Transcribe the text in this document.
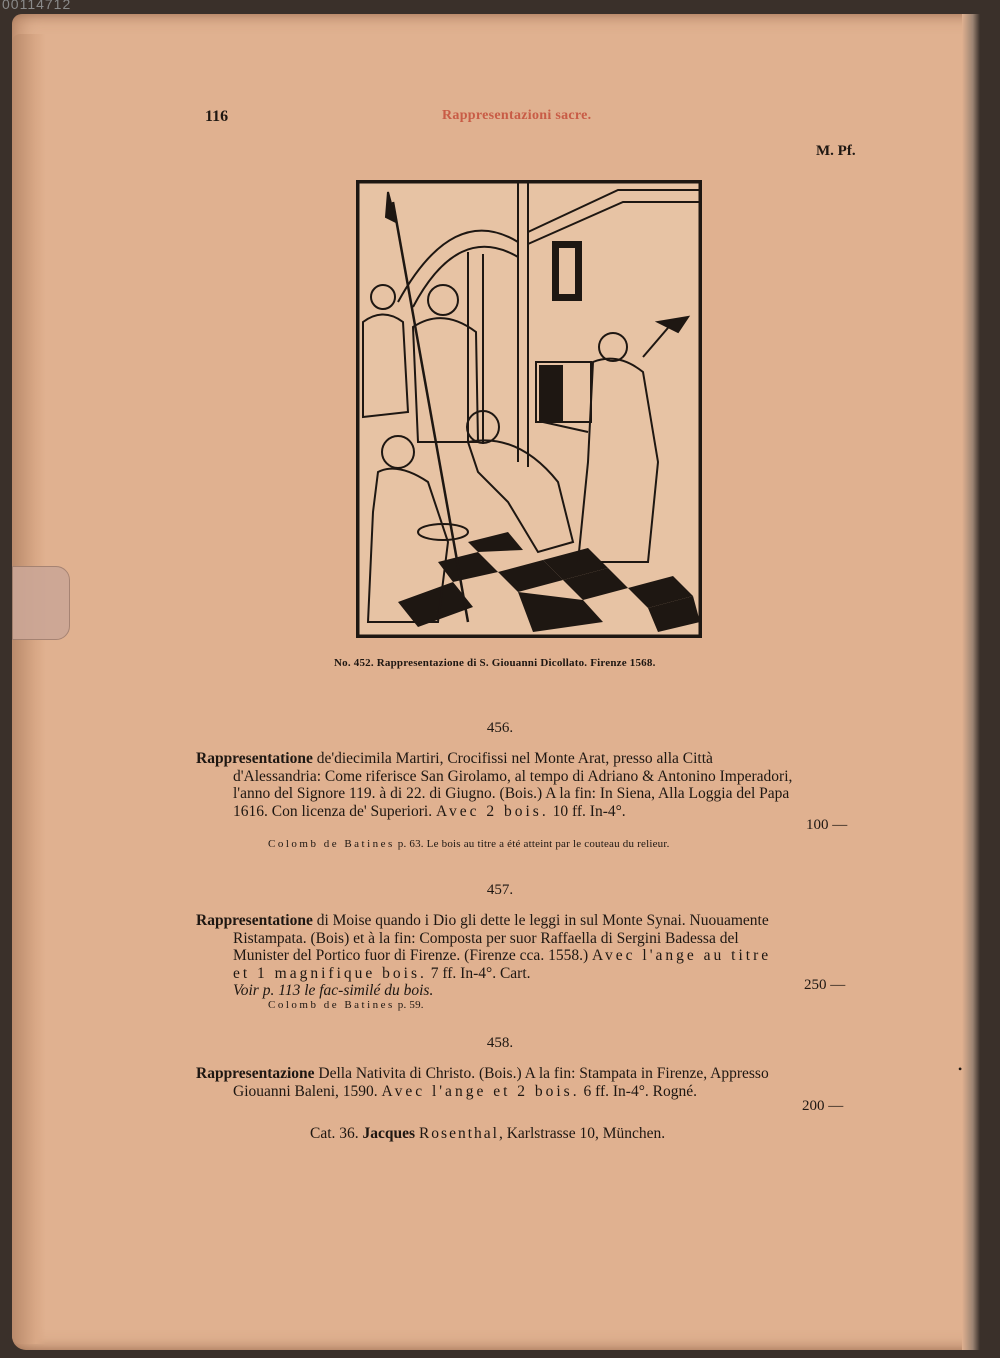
00114712
116	Rappresentazioni sacre.
M. Pf.
No. 452. Rappresentazione di S. Giouanni Dicollato. Firenze 1568.
456.

Rappresentatione de'diecimila Martiri, Crocifissi nel Monte Arat, presso alla Città d'Alessandria: Come riferisce San Girolamo, al tempo di Adriano & Antonino Imperadori, l'anno del Signore 119. à di 22. di Giugno. (Bois.) A la fin: In Siena, Alla Loggia del Papa 1616. Con licenza de' Superiori. Avec 2 bois. 10 ff. In-4°.

100 —
Colomb de Batines p. 63. Le bois au titre a été atteint par le couteau du relieur.
457.

Rappresentatione di Moise quando i Dio gli dette le leggi in sul Monte Synai. Nuouamente Ristampata. (Bois) et à la fin: Composta per suor Raffaella di Sergini Badessa del Munister del Portico fuor di Firenze. (Firenze cca. 1558.) Avec l'ange au titre et 1 magnifique bois. 7 ff. In-4°. Cart.
Voir p. 113 le fac-similé du bois.	250 —
Colomb de Batines p. 59.
458.

Rappresentazione Della Nativita di Christo. (Bois.) A la fin: Stampata in Firenze, Appresso Giouanni Baleni, 1590. Avec l'ange et 2 bois. 6 ff. In-4°. Rogné.

200 —
•
Cat. 36. Jacques Rosenthal, Karlstrasse 10, München.
